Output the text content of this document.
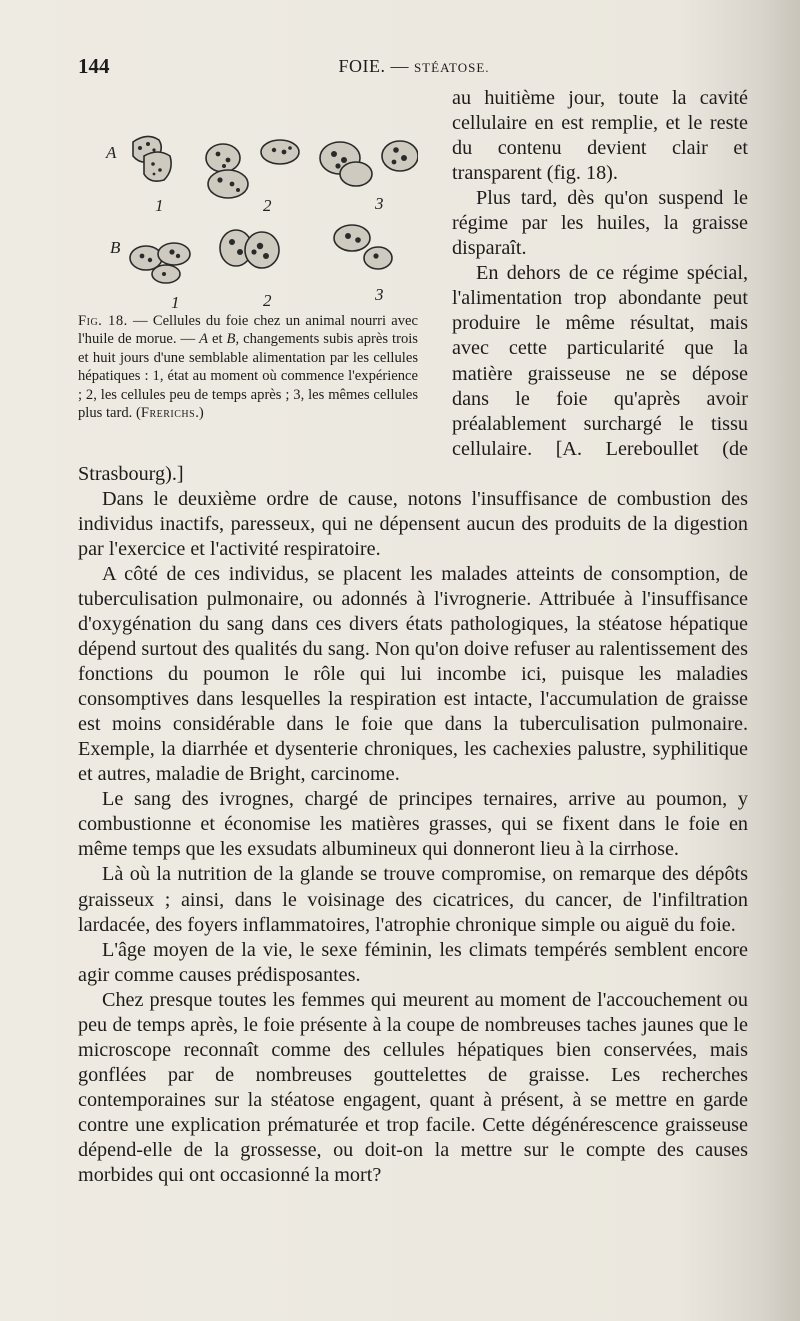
144	FOIE. — STÉATOSE.
A
B
1	2	3
1	2	3
Fig. 18. — Cellules du foie chez un animal nourri avec l'huile de morue. — A et B, changements subis après trois et huit jours d'une semblable alimentation par les cellules hépatiques : 1, état au moment où commence l'expérience ; 2, les cellules peu de temps après ; 3, les mêmes cellules plus tard. (Frerichs.)

au huitième jour, toute la cavité cellulaire en est remplie, et le reste du contenu devient clair et transparent (fig. 18).

Plus tard, dès qu'on suspend le régime par les huiles, la graisse disparaît.

En dehors de ce régime spécial, l'alimentation trop abondante peut produire le même résultat, mais avec cette particularité que la matière graisseuse ne se dépose dans le foie qu'après avoir préalablement surchargé le tissu cellulaire. [A. Lereboullet (de Strasbourg).]

Dans le deuxième ordre de cause, notons l'insuffisance de combustion des individus inactifs, paresseux, qui ne dépensent aucun des produits de la digestion par l'exercice et l'activité respiratoire.

A côté de ces individus, se placent les malades atteints de consomption, de tuberculisation pulmonaire, ou adonnés à l'ivrognerie. Attribuée à l'insuffisance d'oxygénation du sang dans ces divers états pathologiques, la stéatose hépatique dépend surtout des qualités du sang. Non qu'on doive refuser au ralentissement des fonctions du poumon le rôle qui lui incombe ici, puisque les maladies consomptives dans lesquelles la respiration est intacte, l'accumulation de graisse est moins considérable dans le foie que dans la tuberculisation pulmonaire. Exemple, la diarrhée et dysenterie chroniques, les cachexies palustre, syphilitique et autres, maladie de Bright, carcinome.

Le sang des ivrognes, chargé de principes ternaires, arrive au poumon, y combustionne et économise les matières grasses, qui se fixent dans le foie en même temps que les exsudats albumineux qui donneront lieu à la cirrhose.

Là où la nutrition de la glande se trouve compromise, on remarque des dépôts graisseux ; ainsi, dans le voisinage des cicatrices, du cancer, de l'infiltration lardacée, des foyers inflammatoires, l'atrophie chronique simple ou aiguë du foie.

L'âge moyen de la vie, le sexe féminin, les climats tempérés semblent encore agir comme causes prédisposantes.

Chez presque toutes les femmes qui meurent au moment de l'accouchement ou peu de temps après, le foie présente à la coupe de nombreuses taches jaunes que le microscope reconnaît comme des cellules hépatiques bien conservées, mais gonflées par de nombreuses gouttelettes de graisse. Les recherches contemporaines sur la stéatose engagent, quant à présent, à se mettre en garde contre une explication prématurée et trop facile. Cette dégénérescence graisseuse dépend-elle de la grossesse, ou doit-on la mettre sur le compte des causes morbides qui ont occasionné la mort?
